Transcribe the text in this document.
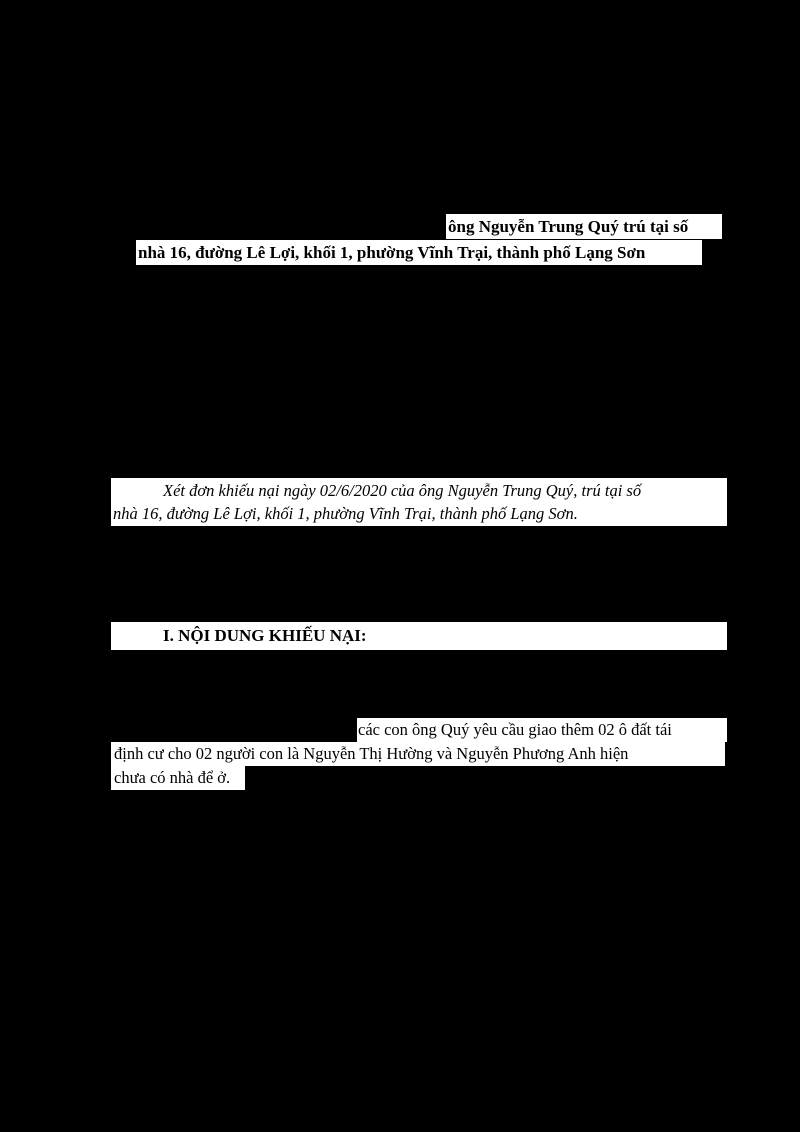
ông Nguyễn Trung Quý trú tại số
nhà 16, đường Lê Lợi, khối 1, phường Vĩnh Trại, thành phố Lạng Sơn
Xét đơn khiếu nại ngày 02/6/2020 của ông Nguyễn Trung Quý, trú tại số
nhà 16, đường Lê Lợi, khối 1, phường Vĩnh Trại, thành phố Lạng Sơn.
I. NỘI DUNG KHIẾU NẠI:
các con ông Quý yêu cầu giao thêm 02 ô đất tái
định cư cho 02 người con là Nguyễn Thị Hường và Nguyễn Phương Anh hiện
chưa có nhà để ở.
